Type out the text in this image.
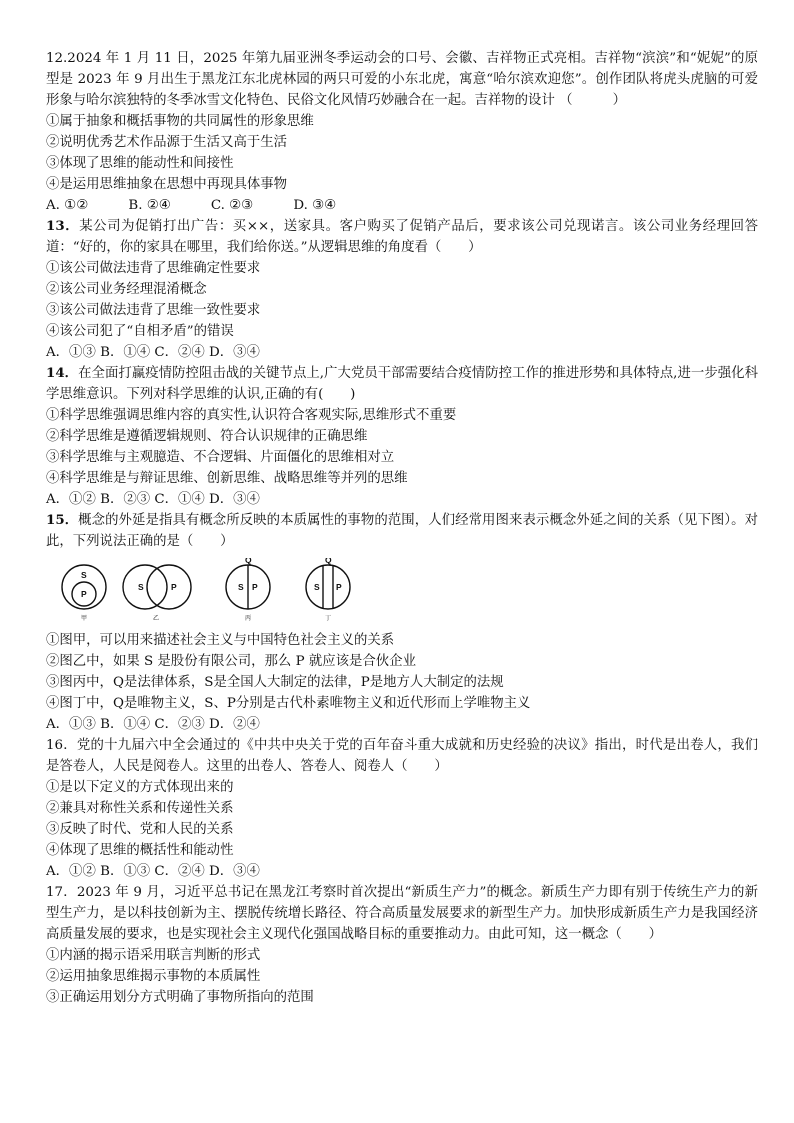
12.2024 年 1 月 11 日，2025 年第九届亚洲冬季运动会的口号、会徽、吉祥物正式亮相。吉祥物“滨滨”和“妮妮”的原型是 2023 年 9 月出生于黑龙江东北虎林园的两只可爱的小东北虎，寓意“哈尔滨欢迎您”。创作团队将虎头虎脑的可爱形象与哈尔滨独特的冬季冰雪文化特色、民俗文化风情巧妙融合在一起。吉祥物的设计 （　　　）

①属于抽象和概括事物的共同属性的形象思维

②说明优秀艺术作品源于生活又高于生活

③体现了思维的能动性和间接性

④是运用思维抽象在思想中再现具体事物

A. ①②　　　B. ②④　　　C. ②③　　　D. ③④

13．某公司为促销打出广告：买××，送家具。客户购买了促销产品后，要求该公司兑现诺言。该公司业务经理回答道：“好的，你的家具在哪里，我们给你送。”从逻辑思维的角度看（　　）

①该公司做法违背了思维确定性要求

②该公司业务经理混淆概念

③该公司做法违背了思维一致性要求

④该公司犯了“自相矛盾”的错误

A．①③ B．①④ C．②④ D．③④

14．在全面打赢疫情防控阻击战的关键节点上,广大党员干部需要结合疫情防控工作的推进形势和具体特点,进一步强化科学思维意识。下列对科学思维的认识,正确的有(　　)

①科学思维强调思维内容的真实性,认识符合客观实际,思维形式不重要

②科学思维是遵循逻辑规则、符合认识规律的正确思维

③科学思维与主观臆造、不合逻辑、片面僵化的思维相对立

④科学思维是与辩证思维、创新思维、战略思维等并列的思维

A．①② B．②③ C．①④ D．③④

15．概念的外延是指具有概念所反映的本质属性的事物的范围，人们经常用图来表示概念外延之间的关系（见下图）。对此，下列说法正确的是（　　）

S
P
S	P
Q
S P
Q
S P
甲	乙	丙	丁

①图甲，可以用来描述社会主义与中国特色社会主义的关系

②图乙中，如果 S 是股份有限公司，那么 P 就应该是合伙企业

③图丙中，Q是法律体系，S是全国人大制定的法律，P是地方人大制定的法规

④图丁中，Q是唯物主义，S、P分别是古代朴素唯物主义和近代形而上学唯物主义

A．①③ B．①④ C．②③ D．②④

16．党的十九届六中全会通过的《中共中央关于党的百年奋斗重大成就和历史经验的决议》指出，时代是出卷人，我们是答卷人，人民是阅卷人。这里的出卷人、答卷人、阅卷人（　　）

①是以下定义的方式体现出来的

②兼具对称性关系和传递性关系

③反映了时代、党和人民的关系

④体现了思维的概括性和能动性

A．①② B．①③ C．②④ D．③④

17．2023 年 9 月，习近平总书记在黑龙江考察时首次提出“新质生产力”的概念。新质生产力即有别于传统生产力的新型生产力，是以科技创新为主、摆脱传统增长路径、符合高质量发展要求的新型生产力。加快形成新质生产力是我国经济高质量发展的要求，也是实现社会主义现代化强国战略目标的重要推动力。由此可知，这一概念（　　）

①内涵的揭示语采用联言判断的形式

②运用抽象思维揭示事物的本质属性

③正确运用划分方式明确了事物所指向的范围
